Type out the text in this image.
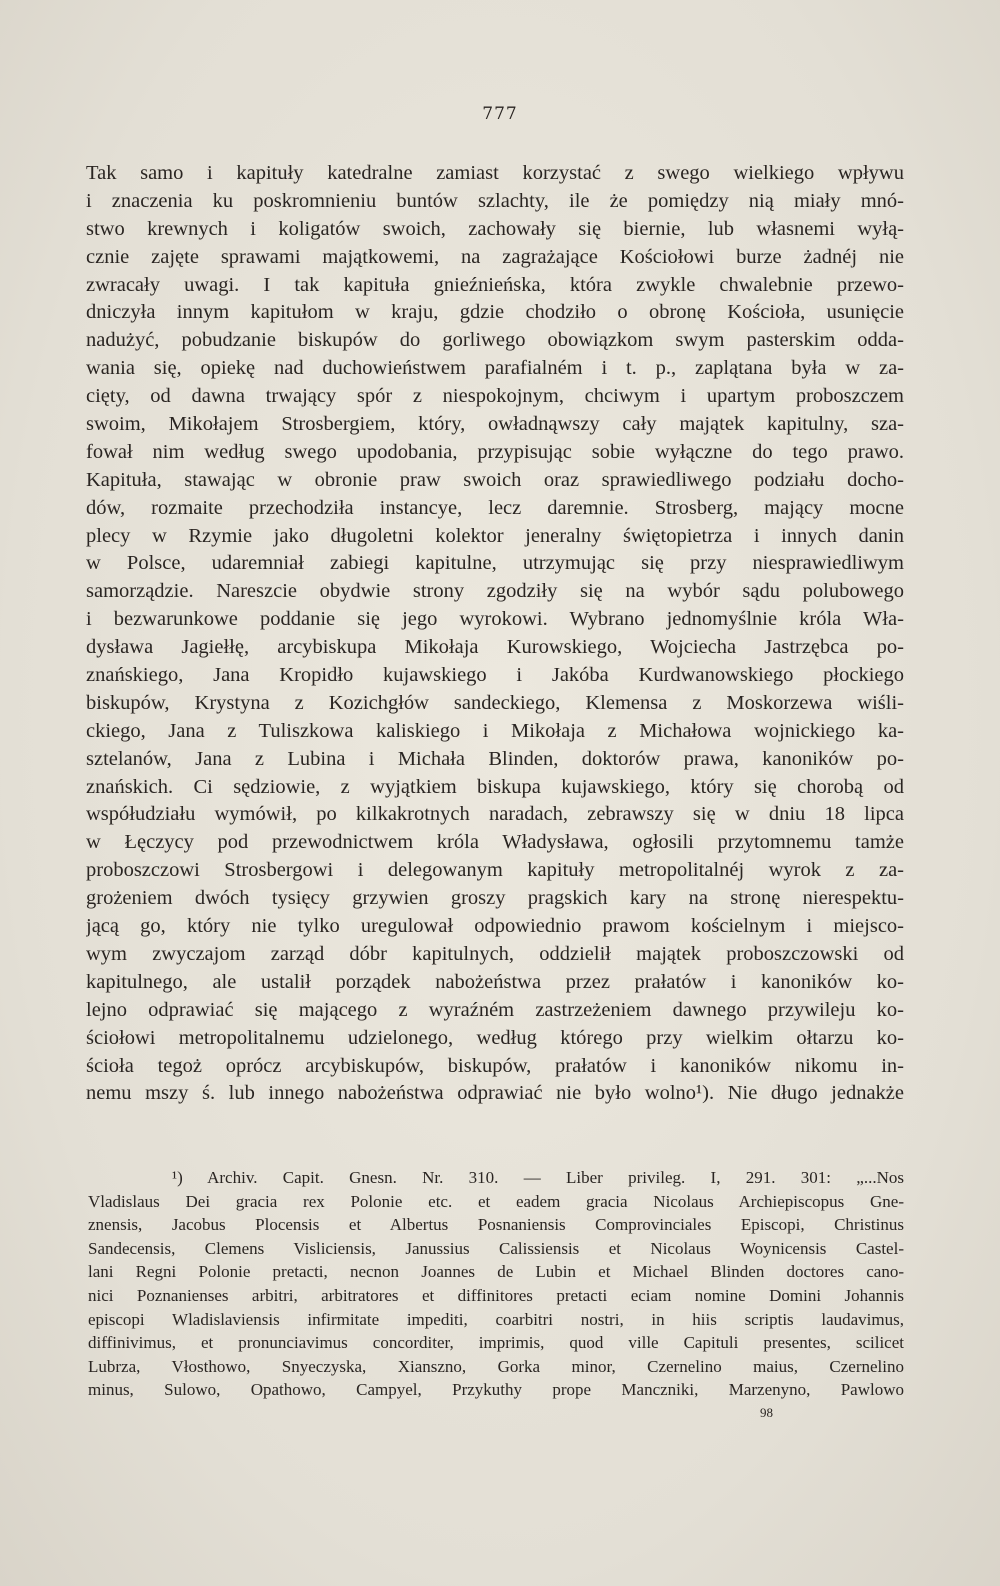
777
Tak samo i kapituły katedralne zamiast korzystać z swego wielkiego wpływu
i znaczenia ku poskromnieniu buntów szlachty, ile że pomiędzy nią miały mnó-
stwo krewnych i koligatów swoich, zachowały się biernie, lub własnemi wyłą-
cznie zajęte sprawami majątkowemi, na zagrażające Kościołowi burze żadnéj nie
zwracały uwagi. I tak kapituła gnieźnieńska, która zwykle chwalebnie przewo-
dniczyła innym kapitułom w kraju, gdzie chodziło o obronę Kościoła, usunięcie
nadużyć, pobudzanie biskupów do gorliwego obowiązkom swym pasterskim odda-
wania się, opiekę nad duchowieństwem parafialném i t. p., zaplątana była w za-
cięty, od dawna trwający spór z niespokojnym, chciwym i upartym proboszczem
swoim, Mikołajem Strosbergiem, który, owładnąwszy cały majątek kapitulny, sza-
fował nim według swego upodobania, przypisując sobie wyłączne do tego prawo.
Kapituła, stawając w obronie praw swoich oraz sprawiedliwego podziału docho-
dów, rozmaite przechodziła instancye, lecz daremnie. Strosberg, mający mocne
plecy w Rzymie jako długoletni kolektor jeneralny świętopietrza i innych danin
w Polsce, udaremniał zabiegi kapitulne, utrzymując się przy niesprawiedliwym
samorządzie. Nareszcie obydwie strony zgodziły się na wybór sądu polubowego
i bezwarunkowe poddanie się jego wyrokowi. Wybrano jednomyślnie króla Wła-
dysława Jagiełłę, arcybiskupa Mikołaja Kurowskiego, Wojciecha Jastrzębca po-
znańskiego, Jana Kropidło kujawskiego i Jakóba Kurdwanowskiego płockiego
biskupów, Krystyna z Kozichgłów sandeckiego, Klemensa z Moskorzewa wiśli-
ckiego, Jana z Tuliszkowa kaliskiego i Mikołaja z Michałowa wojnickiego ka-
sztelanów, Jana z Lubina i Michała Blinden, doktorów prawa, kanoników po-
znańskich. Ci sędziowie, z wyjątkiem biskupa kujawskiego, który się chorobą od
współudziału wymówił, po kilkakrotnych naradach, zebrawszy się w dniu 18 lipca
w Łęczycy pod przewodnictwem króla Władysława, ogłosili przytomnemu tamże
proboszczowi Strosbergowi i delegowanym kapituły metropolitalnéj wyrok z za-
grożeniem dwóch tysięcy grzywien groszy pragskich kary na stronę nierespektu-
jącą go, który nie tylko uregulował odpowiednio prawom kościelnym i miejsco-
wym zwyczajom zarząd dóbr kapitulnych, oddzielił majątek proboszczowski od
kapitulnego, ale ustalił porządek nabożeństwa przez prałatów i kanoników ko-
lejno odprawiać się mającego z wyraźném zastrzeżeniem dawnego przywileju ko-
ściołowi metropolitalnemu udzielonego, według którego przy wielkim ołtarzu ko-
ścioła tegoż oprócz arcybiskupów, biskupów, prałatów i kanoników nikomu in-
nemu mszy ś. lub innego nabożeństwa odprawiać nie było wolno¹). Nie długo jednakże
¹) Archiv. Capit. Gnesn. Nr. 310. — Liber privileg. I, 291. 301: „...Nos
Vladislaus Dei gracia rex Polonie etc. et eadem gracia Nicolaus Archiepiscopus Gne-
znensis, Jacobus Plocensis et Albertus Posnaniensis Comprovinciales Episcopi, Christinus
Sandecensis, Clemens Visliciensis, Janussius Calissiensis et Nicolaus Woynicensis Castel-
lani Regni Polonie pretacti, necnon Joannes de Lubin et Michael Blinden doctores cano-
nici Poznanienses arbitri, arbitratores et diffinitores pretacti eciam nomine Domini Johannis
episcopi Wladislaviensis infirmitate impediti, coarbitri nostri, in hiis scriptis laudavimus,
diffinivimus, et pronunciavimus concorditer, imprimis, quod ville Capituli presentes, scilicet
Lubrza, Vłosthowo, Snyeczyska, Xianszno, Gorka minor, Czernelino maius, Czernelino
minus, Sulowo, Opathowo, Campyel, Przykuthy prope Manczniki, Marzenyno, Pawlowo
98
